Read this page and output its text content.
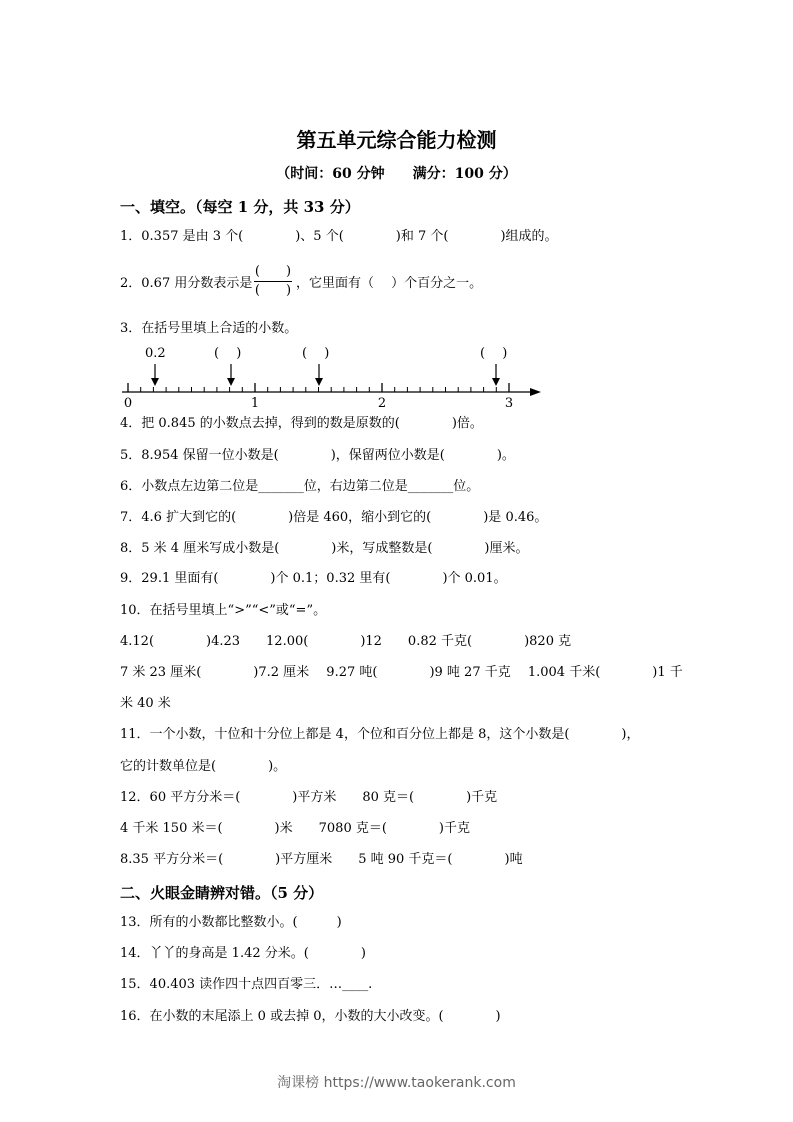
第五单元综合能力检测
（时间：60 分钟　　满分：100 分）
一、填空。（每空 1 分，共 33 分）
1．0.357 是由 3 个(　　　　)、5 个(　　　　)和 7 个(　　　　)组成的。
2．0.67 用分数表示是
(　　)
(　　) ，它里面有（　 ）个百分之一。
3．在括号里填上合适的小数。
0.2	(　 )	(　 )	(　 )
0	1	2	3
4．把 0.845 的小数点去掉，得到的数是原数的(　　　　)倍。
5．8.954 保留一位小数是(　　　　)，保留两位小数是(　　　　)。
6．小数点左边第二位是_______位，右边第二位是_______位。
7．4.6 扩大到它的(　　　　)倍是 460，缩小到它的(　　　　)是 0.46。
8．5 米 4 厘米写成小数是(　　　　)米，写成整数是(　　　　)厘米。
9．29.1 里面有(　　　　)个 0.1；0.32 里有(　　　　)个 0.01。
10．在括号里填上“>”“<”或“=”。
4.12(　　　　)4.23　　12.00(　　　　)12　　0.82 千克(　　　　)820 克
7 米 23 厘米(　　　　)7.2 厘米　 9.27 吨(　　　　)9 吨 27 千克　 1.004 千米(　　　　)1 千
米 40 米
11．一个小数，十位和十分位上都是 4，个位和百分位上都是 8，这个小数是(　　　　)，
它的计数单位是(　　　　)。
12．60 平方分米＝(　　　　)平方米　　80 克＝(　　　　)千克
4 千米 150 米＝(　　　　)米　　7080 克＝(　　　　)千克
8.35 平方分米＝(　　　　)平方厘米　　5 吨 90 千克＝(　　　　)吨
二、火眼金睛辨对错。（5 分）
13．所有的小数都比整数小。(　　　)
14．丫丫的身高是 1.42 分米。(　　　　)
15．40.403 读作四十点四百零三．…____.
16．在小数的末尾添上 0 或去掉 0，小数的大小改变。(　　　　)
淘课榜 https://www.taokerank.com
